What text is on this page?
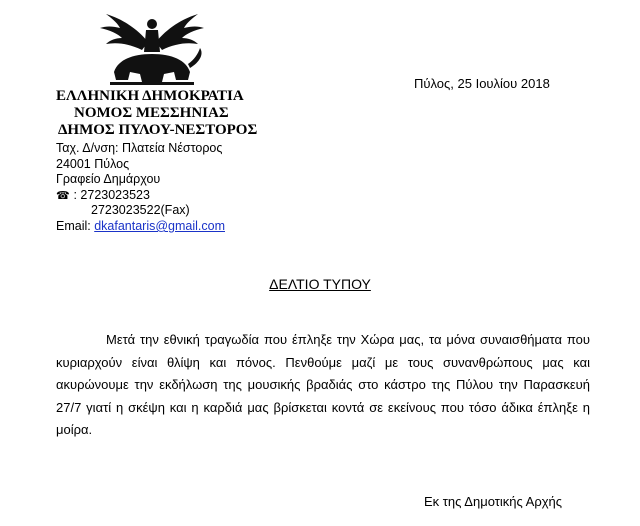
ΕΛΛΗΝΙΚΗ ΔΗΜΟΚΡΑΤΙΑ
ΝΟΜΟΣ ΜΕΣΣΗΝΙΑΣ
ΔΗΜΟΣ ΠΥΛΟΥ-ΝΕΣΤΟΡΟΣ
Ταχ. Δ/νση: Πλατεία Νέστορος
24001 Πύλος
Γραφείο Δημάρχου
☎ : 2723023523
2723023522(Fax)
Email: dkafantaris@gmail.com
Πύλος, 25 Ιουλίου 2018
ΔΕΛΤΙΟ ΤΥΠΟΥ

Μετά την εθνική τραγωδία που έπληξε την Χώρα μας, τα μόνα συναισθήματα που κυριαρχούν είναι θλίψη και πόνος. Πενθούμε μαζί με τους συνανθρώπους μας και ακυρώνουμε την εκδήλωση της μουσικής βραδιάς στο κάστρο της Πύλου την Παρασκευή 27/7 γιατί η σκέψη και η καρδιά μας βρίσκεται κοντά σε εκείνους που τόσο άδικα έπληξε η μοίρα.

Εκ της Δημοτικής Αρχής
